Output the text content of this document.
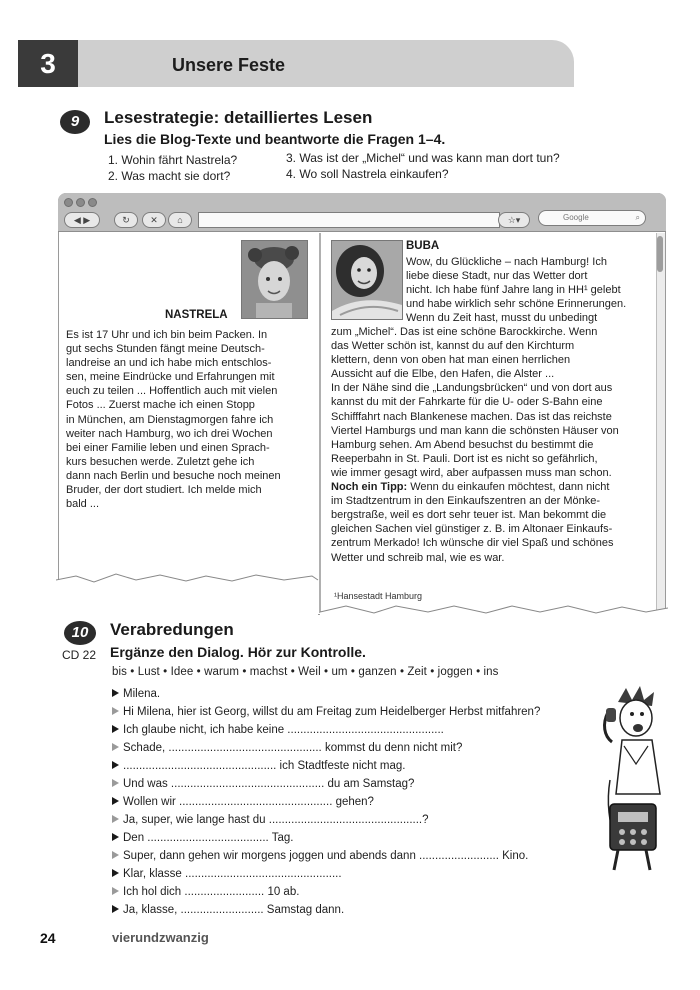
3	Unsere Feste
9	Lesestrategie: detailliertes Lesen
Lies die Blog-Texte und beantworte die Fragen 1–4.
1. Wohin fährt Nastrela?
2. Was macht sie dort?
3. Was ist der „Michel“ und was kann man dort tun?
4. Wo soll Nastrela einkaufen?
◀ ▶	↻	✕	⌂	☆▾	Google	⌕
NASTRELA
Es ist 17 Uhr und ich bin beim Packen. In
gut sechs Stunden fängt meine Deutsch-
landreise an und ich habe mich entschlos-
sen, meine Eindrücke und Erfahrungen mit
euch zu teilen ... Hoffentlich auch mit vielen
Fotos ... Zuerst mache ich einen Stopp
in München, am Dienstagmorgen fahre ich
weiter nach Hamburg, wo ich drei Wochen
bei einer Familie leben und einen Sprach-
kurs besuchen werde. Zuletzt gehe ich
dann nach Berlin und besuche noch meinen
Bruder, der dort studiert. Ich melde mich
bald ...
BUBA
Wow, du Glückliche – nach Hamburg! Ich
liebe diese Stadt, nur das Wetter dort
nicht. Ich habe fünf Jahre lang in HH¹ gelebt
und habe wirklich sehr schöne Erinnerungen.
Wenn du Zeit hast, musst du unbedingt
zum „Michel“. Das ist eine schöne Barockkirche. Wenn
das Wetter schön ist, kannst du auf den Kirchturm
klettern, denn von oben hat man einen herrlichen
Aussicht auf die Elbe, den Hafen, die Alster ...
In der Nähe sind die „Landungsbrücken“ und von dort aus
kannst du mit der Fahrkarte für die U- oder S-Bahn eine
Schifffahrt nach Blankenese machen. Das ist das reichste
Viertel Hamburgs und man kann die schönsten Häuser von
Hamburg sehen. Am Abend besuchst du bestimmt die
Reeperbahn in St. Pauli. Dort ist es nicht so gefährlich,
wie immer gesagt wird, aber aufpassen muss man schon.
Noch ein Tipp: Wenn du einkaufen möchtest, dann nicht
im Stadtzentrum in den Einkaufszentren an der Mönke-
bergstraße, weil es dort sehr teuer ist. Man bekommt die
gleichen Sachen viel günstiger z. B. im Altonaer Einkaufs-
zentrum Merkado! Ich wünsche dir viel Spaß und schönes
Wetter und schreib mal, wie es war.
¹Hansestadt Hamburg
10	Verabredungen
CD 22 Ergänze den Dialog. Hör zur Kontrolle.
bis • Lust • Idee • warum • machst • Weil • um • ganzen • Zeit • joggen • ins
Milena.
Hi Milena, hier ist Georg, willst du am Freitag zum Heidelberger Herbst mitfahren?
Ich glaube nicht, ich habe keine .................................................
Schade, ................................................ kommst du denn nicht mit?
................................................ ich Stadtfeste nicht mag.
Und was ................................................ du am Samstag?
Wollen wir ................................................ gehen?
Ja, super, wie lange hast du ................................................?
Den ...................................... Tag.
Super, dann gehen wir morgens joggen und abends dann ......................... Kino.
Klar, klasse .................................................
Ich hol dich ......................... 10 ab.
Ja, klasse, .......................... Samstag dann.
24	vierundzwanzig
